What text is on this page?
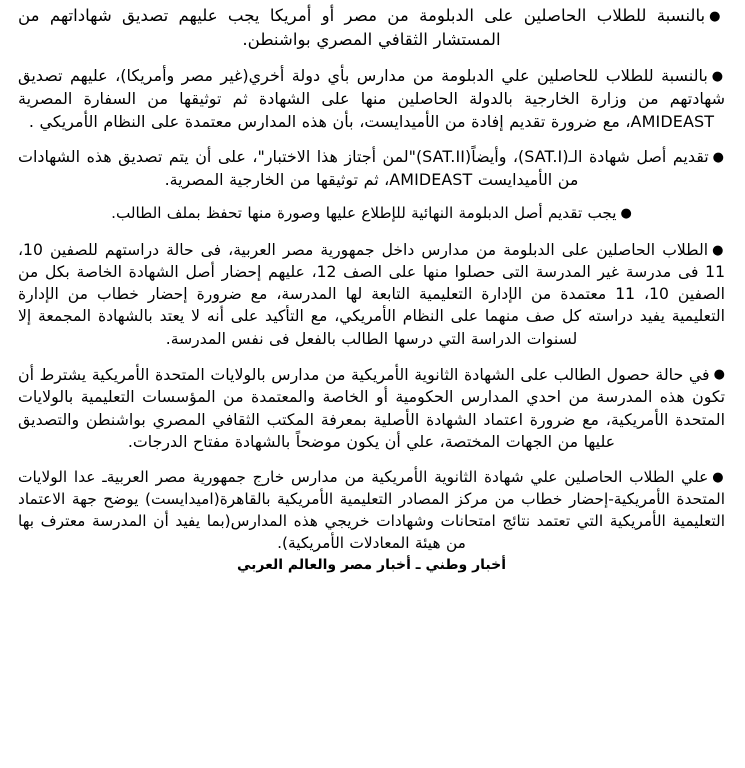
●بالنسبة للطلاب الحاصلين على الدبلومة من مصر أو أمريكا يجب عليهم تصديق شهاداتهم من المستشار الثقافي المصري بواشنطن.

●بالنسبة للطلاب للحاصلين علي الدبلومة من مدارس بأي دولة أخري(غير مصر وأمريكا)، عليهم تصديق شهادتهم من وزارة الخارجية بالدولة الحاصلين منها على الشهادة ثم توثيقها من السفارة المصرية AMIDEAST، مع ضرورة تقديم إفادة من الأميدايست، بأن هذه المدارس معتمدة على النظام الأمريكي .

●تقديم أصل شهادة الـ(SAT.I)، وأيضاً(SAT.II)"لمن أجتاز هذا الاختبار"، على أن يتم تصديق هذه الشهادات من الأميدايست AMIDEAST، ثم توثيقها من الخارجية المصرية.

●يجب تقديم أصل الدبلومة النهائية للإطلاع عليها وصورة منها تحفظ بملف الطالب.

●الطلاب الحاصلين على الدبلومة من مدارس داخل جمهورية مصر العربية، فى حالة دراستهم للصفين 10، 11 فى مدرسة غير المدرسة التى حصلوا منها على الصف 12، عليهم إحضار أصل الشهادة الخاصة بكل من الصفين 10، 11 معتمدة من الإدارة التعليمية التابعة لها المدرسة، مع ضرورة إحضار خطاب من الإدارة التعليمية يفيد دراسته كل صف منهما على النظام الأمريكي، مع التأكيد على أنه لا يعتد بالشهادة المجمعة إلا لسنوات الدراسة التي درسها الطالب بالفعل فى نفس المدرسة.

●في حالة حصول الطالب على الشهادة الثانوية الأمريكية من مدارس بالولايات المتحدة الأمريكية يشترط أن تكون هذه المدرسة من احدي المدارس الحكومية أو الخاصة والمعتمدة من المؤسسات التعليمية بالولايات المتحدة الأمريكية، مع ضرورة اعتماد الشهادة الأصلية بمعرفة المكتب الثقافي المصري بواشنطن والتصديق عليها من الجهات المختصة، علي أن يكون موضحاً بالشهادة مفتاح الدرجات.

●علي الطلاب الحاصلين علي شهادة الثانوية الأمريكية من مدارس خارج جمهورية مصر العربيةـ عدا الولايات المتحدة الأمريكية-إحضار خطاب من مركز المصادر التعليمية الأمريكية بالقاهرة(اميدايست) يوضح جهة الاعتماد التعليمية الأمريكية التي تعتمد نتائج امتحانات وشهادات خريجي هذه المدارس(بما يفيد أن المدرسة معترف بها من هيئة المعادلات الأمريكية).

أخبار وطني ـ أخبار مصر والعالم العربي
